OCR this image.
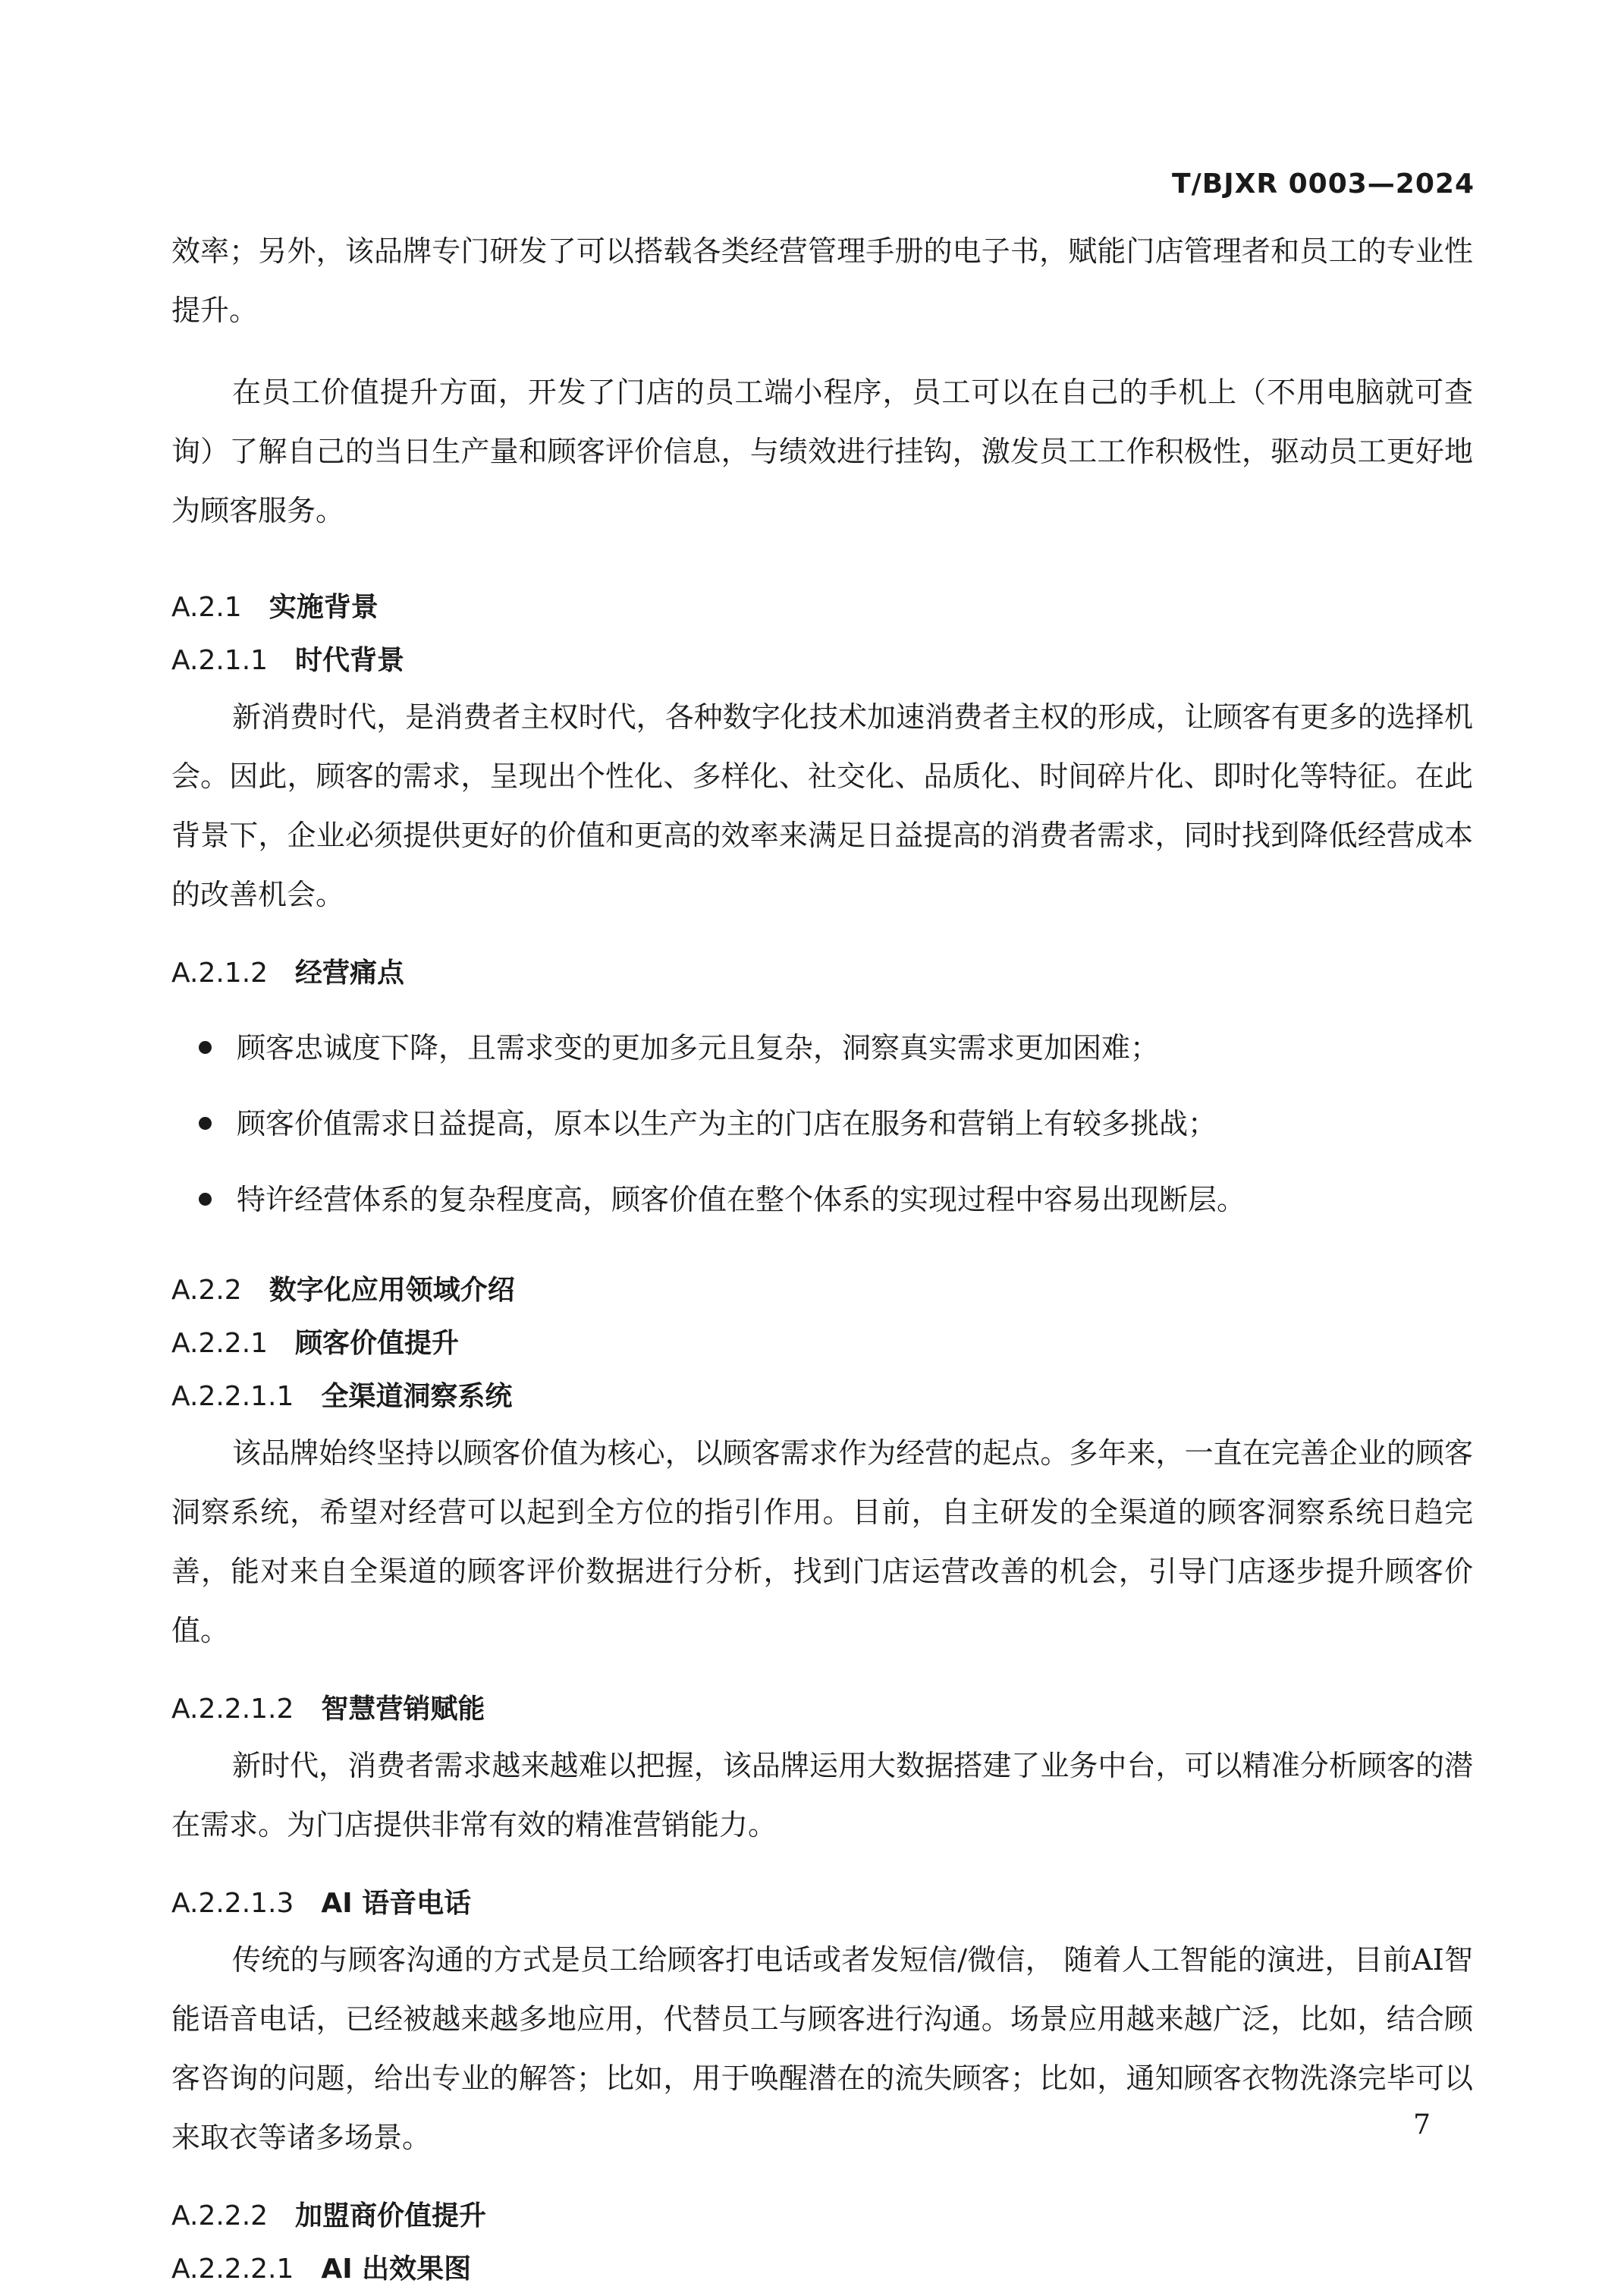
T/BJXR 0003—2024

效率；另外，该品牌专门研发了可以搭载各类经营管理手册的电子书，赋能门店管理者和员工的专业性提升。

在员工价值提升方面，开发了门店的员工端小程序，员工可以在自己的手机上（不用电脑就可查询）了解自己的当日生产量和顾客评价信息，与绩效进行挂钩，激发员工工作积极性，驱动员工更好地为顾客服务。

A.2.1 实施背景
A.2.1.1 时代背景

新消费时代，是消费者主权时代，各种数字化技术加速消费者主权的形成，让顾客有更多的选择机会。因此，顾客的需求，呈现出个性化、多样化、社交化、品质化、时间碎片化、即时化等特征。在此背景下，企业必须提供更好的价值和更高的效率来满足日益提高的消费者需求，同时找到降低经营成本的改善机会。

A.2.1.2 经营痛点
顾客忠诚度下降，且需求变的更加多元且复杂，洞察真实需求更加困难；
顾客价值需求日益提高，原本以生产为主的门店在服务和营销上有较多挑战；
特许经营体系的复杂程度高，顾客价值在整个体系的实现过程中容易出现断层。
A.2.2 数字化应用领域介绍
A.2.2.1 顾客价值提升
A.2.2.1.1 全渠道洞察系统

该品牌始终坚持以顾客价值为核心，以顾客需求作为经营的起点。多年来，一直在完善企业的顾客洞察系统，希望对经营可以起到全方位的指引作用。目前，自主研发的全渠道的顾客洞察系统日趋完善，能对来自全渠道的顾客评价数据进行分析，找到门店运营改善的机会，引导门店逐步提升顾客价值。

A.2.2.1.2 智慧营销赋能

新时代，消费者需求越来越难以把握，该品牌运用大数据搭建了业务中台，可以精准分析顾客的潜在需求。为门店提供非常有效的精准营销能力。

A.2.2.1.3 AI 语音电话

传统的与顾客沟通的方式是员工给顾客打电话或者发短信/微信， 随着人工智能的演进，目前AI智能语音电话，已经被越来越多地应用，代替员工与顾客进行沟通。场景应用越来越广泛，比如，结合顾客咨询的问题，给出专业的解答；比如，用于唤醒潜在的流失顾客；比如，通知顾客衣物洗涤完毕可以来取衣等诸多场景。

A.2.2.2 加盟商价值提升
A.2.2.2.1 AI 出效果图
7
